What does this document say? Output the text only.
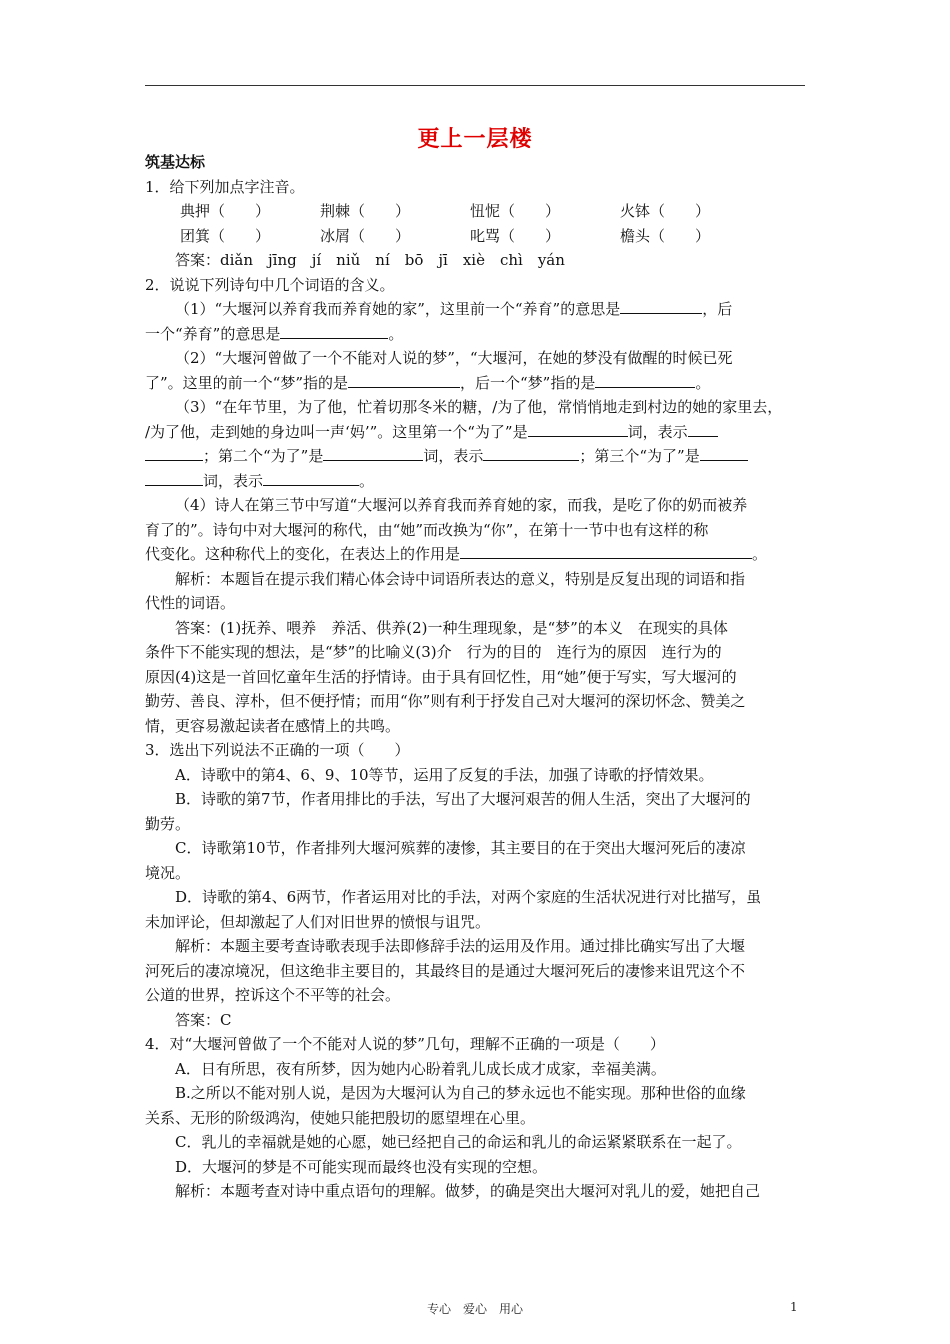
更上一层楼

筑基达标

1．给下列加点字注音。

典押（　　）	荆棘（　　）	忸怩（　　）	火钵（　　）
团箕（　　）	冰屑（　　）	叱骂（　　）	檐头（　　）

答案：diǎn　jīng　jí　niǔ　ní　bō　jī　xiè　chì　yán

2．说说下列诗句中几个词语的含义。

（1）“大堰河以养育我而养育她的家”，这里前一个“养育”的意思是	，后

一个“养育”的意思是	。

（2）“大堰河曾做了一个不能对人说的梦”，“大堰河，在她的梦没有做醒的时候已死

了”。这里的前一个“梦”指的是	，后一个“梦”指的是	。

（3）“在年节里，为了他，忙着切那冬米的糖，/为了他，常悄悄地走到村边的她的家里去，

/为了他，走到她的身边叫一声‘妈’”。这里第一个“为了”是	词，表示

；第二个“为了”是	词，表示	；第三个“为了”是

词，表示	。

（4）诗人在第三节中写道“大堰河以养育我而养育她的家，而我，是吃了你的奶而被养

育了的”。诗句中对大堰河的称代，由“她”而改换为“你”，在第十一节中也有这样的称

代变化。这种称代上的变化，在表达上的作用是	。

解析：本题旨在提示我们精心体会诗中词语所表达的意义，特别是反复出现的词语和指

代性的词语。

答案：(1)抚养、喂养　养活、供养(2)一种生理现象，是“梦”的本义　在现实的具体

条件下不能实现的想法，是“梦”的比喻义(3)介　行为的目的　连行为的原因　连行为的

原因(4)这是一首回忆童年生活的抒情诗。由于具有回忆性，用“她”便于写实，写大堰河的

勤劳、善良、淳朴，但不便抒情；而用“你”则有利于抒发自己对大堰河的深切怀念、赞美之

情，更容易激起读者在感情上的共鸣。

3．选出下列说法不正确的一项（　　）

A．诗歌中的第4、6、9、10等节，运用了反复的手法，加强了诗歌的抒情效果。

B．诗歌的第7节，作者用排比的手法，写出了大堰河艰苦的佣人生活，突出了大堰河的

勤劳。

C．诗歌第10节，作者排列大堰河殡葬的凄惨，其主要目的在于突出大堰河死后的凄凉

境况。

D．诗歌的第4、6两节，作者运用对比的手法，对两个家庭的生活状况进行对比描写，虽

未加评论，但却激起了人们对旧世界的愤恨与诅咒。

解析：本题主要考查诗歌表现手法即修辞手法的运用及作用。通过排比确实写出了大堰

河死后的凄凉境况，但这绝非主要目的，其最终目的是通过大堰河死后的凄惨来诅咒这个不

公道的世界，控诉这个不平等的社会。

答案：C

4．对“大堰河曾做了一个不能对人说的梦”几句，理解不正确的一项是（　　）

A．日有所思，夜有所梦，因为她内心盼着乳儿成长成才成家，幸福美满。

B.之所以不能对别人说，是因为大堰河认为自己的梦永远也不能实现。那种世俗的血缘

关系、无形的阶级鸿沟，使她只能把殷切的愿望埋在心里。

C．乳儿的幸福就是她的心愿，她已经把自己的命运和乳儿的命运紧紧联系在一起了。

D．大堰河的梦是不可能实现而最终也没有实现的空想。

解析：本题考查对诗中重点语句的理解。做梦，的确是突出大堰河对乳儿的爱，她把自己

专心　爱心　用心	1
